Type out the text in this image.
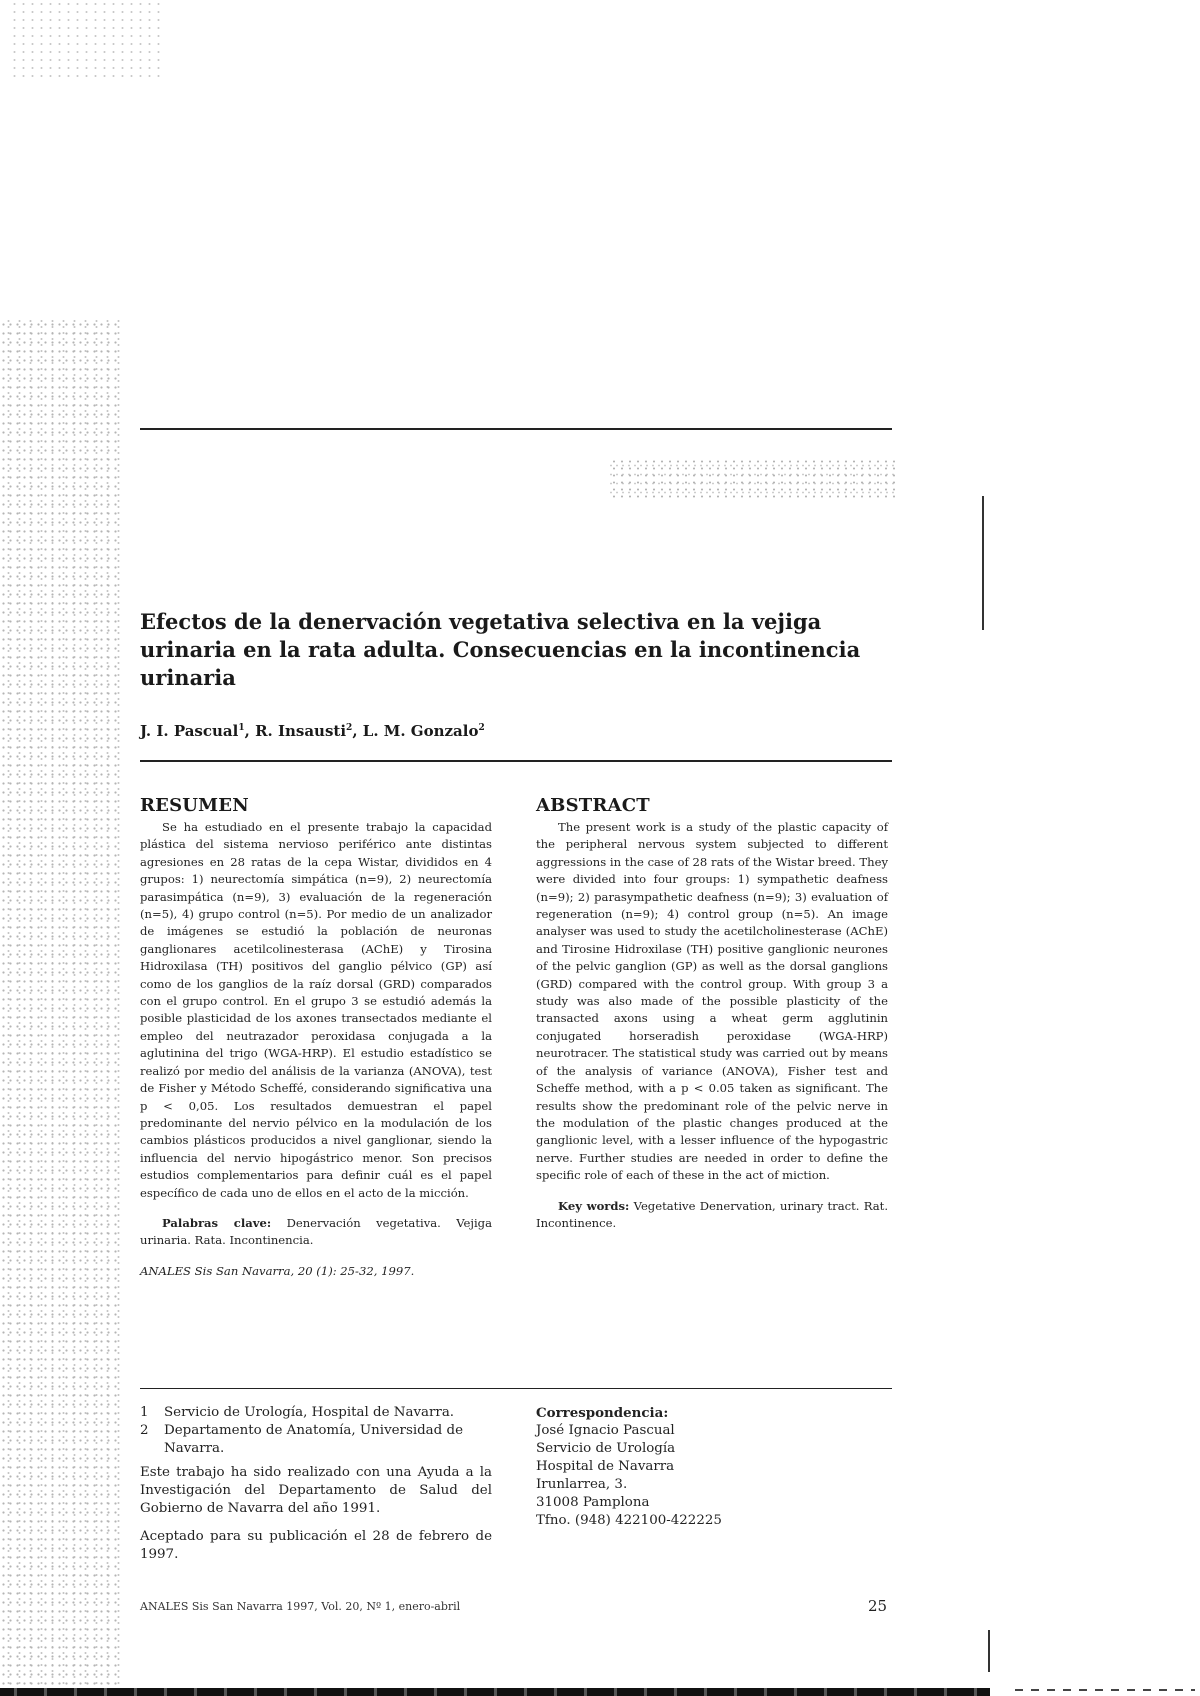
Efectos de la denervación vegetativa selectiva en la vejiga urinaria en la rata adulta. Consecuencias en la incontinencia urinaria

J. I. Pascual$^1$, R. Insausti$^2$, L. M. Gonzalo$^2$

RESUMEN

Se ha estudiado en el presente trabajo la capacidad plástica del sistema nervioso periférico ante distintas agresiones en 28 ratas de la cepa Wistar, divididos en 4 grupos: 1) neurectomía simpática (n=9), 2) neurectomía parasimpática (n=9), 3) evaluación de la regeneración (n=5), 4) grupo control (n=5). Por medio de un analizador de imágenes se estudió la población de neuronas ganglionares acetilcolinesterasa (AChE) y Tirosina Hidroxilasa (TH) positivos del ganglio pélvico (GP) así como de los ganglios de la raíz dorsal (GRD) comparados con el grupo control. En el grupo 3 se estudió además la posible plasticidad de los axones transectados mediante el empleo del neutrazador peroxidasa conjugada a la aglutinina del trigo (WGA-HRP). El estudio estadístico se realizó por medio del análisis de la varianza (ANOVA), test de Fisher y Método Scheffé, considerando significativa una p < 0,05. Los resultados demuestran el papel predominante del nervio pélvico en la modulación de los cambios plásticos producidos a nivel ganglionar, siendo la influencia del nervio hipogástrico menor. Son precisos estudios complementarios para definir cuál es el papel específico de cada uno de ellos en el acto de la micción.

Palabras clave: Denervación vegetativa. Vejiga urinaria. Rata. Incontinencia.

ANALES Sis San Navarra, 20 (1): 25-32, 1997.

ABSTRACT

The present work is a study of the plastic capacity of the peripheral nervous system subjected to different aggressions in the case of 28 rats of the Wistar breed. They were divided into four groups: 1) sympathetic deafness (n=9); 2) parasympathetic deafness (n=9); 3) evaluation of regeneration (n=9); 4) control group (n=5). An image analyser was used to study the acetilcholinesterase (AChE) and Tirosine Hidroxilase (TH) positive ganglionic neurones of the pelvic ganglion (GP) as well as the dorsal ganglions (GRD) compared with the control group. With group 3 a study was also made of the possible plasticity of the transacted axons using a wheat germ agglutinin conjugated horseradish peroxidase (WGA-HRP) neurotracer. The statistical study was carried out by means of the analysis of variance (ANOVA), Fisher test and Scheffe method, with a p < 0.05 taken as significant. The results show the predominant role of the pelvic nerve in the modulation of the plastic changes produced at the ganglionic level, with a lesser influence of the hypogastric nerve. Further studies are needed in order to define the specific role of each of these in the act of miction.

Key words: Vegetative Denervation, urinary tract. Rat. Incontinence.

1	Servicio de Urología, Hospital de Navarra.
2	Departamento de Anatomía, Universidad de Navarra.

Este trabajo ha sido realizado con una Ayuda a la Investigación del Departamento de Salud del Gobierno de Navarra del año 1991.

Aceptado para su publicación el 28 de febrero de 1997.

Correspondencia:
José Ignacio Pascual
Servicio de Urología
Hospital de Navarra
Irunlarrea, 3.
31008 Pamplona
Tfno. (948) 422100-422225
ANALES Sis San Navarra 1997, Vol. 20, Nº 1, enero-abril	25
